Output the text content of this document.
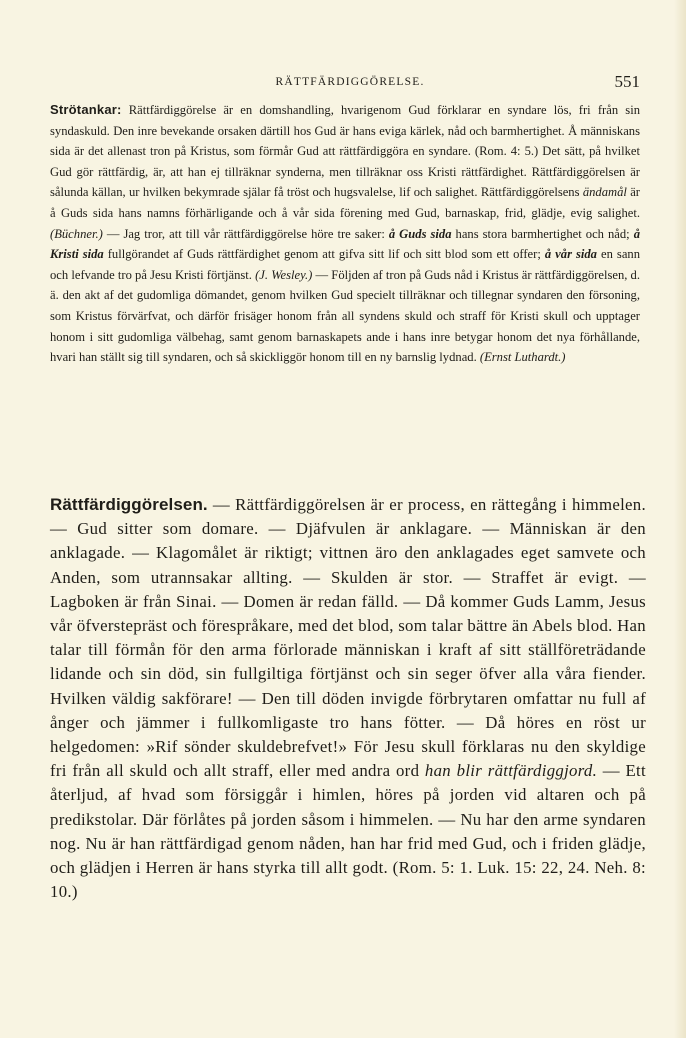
RÄTTFÄRDIGGÖRELSE.	551

Strötankar: Rättfärdiggörelse är en domshandling, hvarigenom Gud förklarar en syndare lös, fri från sin syndaskuld. Den inre bevekande orsaken därtill hos Gud är hans eviga kärlek, nåd och barmhertighet. Å människans sida är det allenast tron på Kristus, som förmår Gud att rättfärdiggöra en syndare. (Rom. 4: 5.) Det sätt, på hvilket Gud gör rättfärdig, är, att han ej tillräknar synderna, men tillräknar oss Kristi rättfärdighet. Rättfärdiggörelsen är sålunda källan, ur hvilken bekymrade själar få tröst och hugsvalelse, lif och salighet. Rättfärdiggörelsens ändamål är å Guds sida hans namns förhärligande och å vår sida förening med Gud, barnaskap, frid, glädje, evig salighet. (Büchner.) — Jag tror, att till vår rättfärdiggörelse höre tre saker: å Guds sida hans stora barmhertighet och nåd; å Kristi sida fullgörandet af Guds rättfärdighet genom att gifva sitt lif och sitt blod som ett offer; å vår sida en sann och lefvande tro på Jesu Kristi förtjänst. (J. Wesley.) — Följden af tron på Guds nåd i Kristus är rättfärdiggörelsen, d. ä. den akt af det gudomliga dömandet, genom hvilken Gud specielt tillräknar och tillegnar syndaren den försoning, som Kristus förvärfvat, och därför frisäger honom från all syndens skuld och straff för Kristi skull och upptager honom i sitt gudomliga välbehag, samt genom barnaskapets ande i hans inre betygar honom det nya förhållande, hvari han ställt sig till syndaren, och så skickliggör honom till en ny barnslig lydnad. (Ernst Luthardt.)

Rättfärdiggörelsen. — Rättfärdiggörelsen är er process, en rättegång i himmelen. — Gud sitter som domare. — Djäfvulen är anklagare. — Människan är den anklagade. — Klagomålet är riktigt; vittnen äro den anklagades eget samvete och Anden, som utrannsakar allting. — Skulden är stor. — Straffet är evigt. — Lagboken är från Sinai. — Domen är redan fälld. — Då kommer Guds Lamm, Jesus vår öfverstepräst och förespråkare, med det blod, som talar bättre än Abels blod. Han talar till förmån för den arma förlorade människan i kraft af sitt ställföreträdande lidande och sin död, sin fullgiltiga förtjänst och sin seger öfver alla våra fiender. Hvilken väldig sakförare! — Den till döden invigde förbrytaren omfattar nu full af ånger och jämmer i fullkomligaste tro hans fötter. — Då höres en röst ur helgedomen: »Rif sönder skuldebrefvet!» För Jesu skull förklaras nu den skyldige fri från all skuld och allt straff, eller med andra ord han blir rättfärdiggjord. — Ett återljud, af hvad som försiggår i himlen, höres på jorden vid altaren och på predikstolar. Där förlåtes på jorden såsom i himmelen. — Nu har den arme syndaren nog. Nu är han rättfärdigad genom nåden, han har frid med Gud, och i friden glädje, och glädjen i Herren är hans styrka till allt godt. (Rom. 5: 1. Luk. 15: 22, 24. Neh. 8: 10.)
